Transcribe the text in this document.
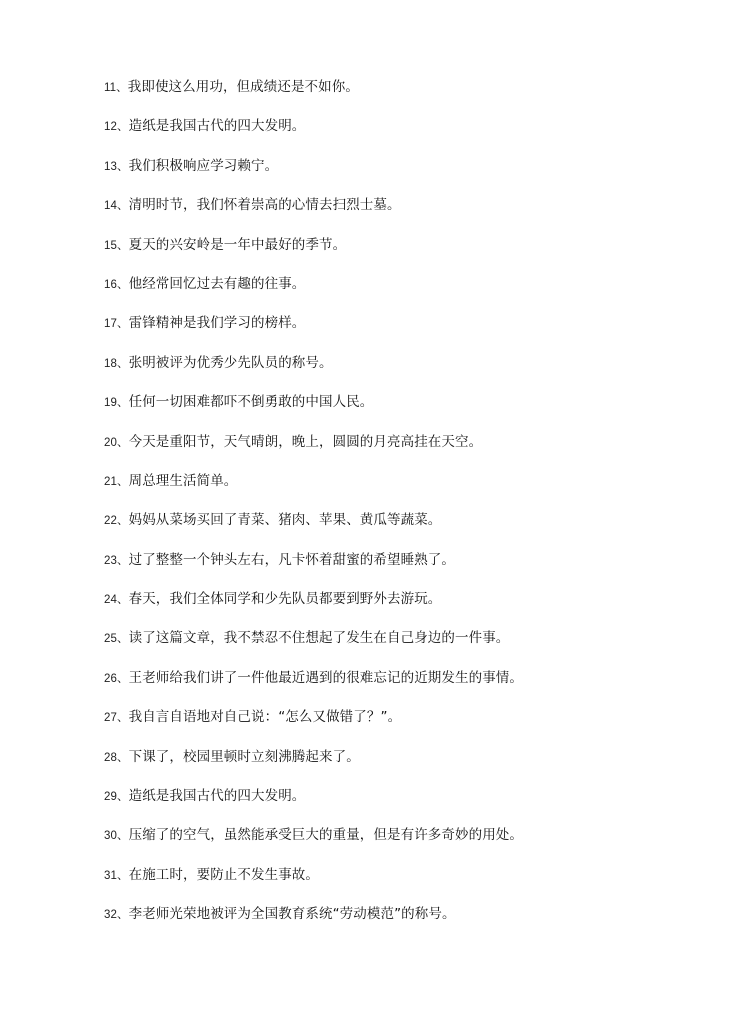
11、我即使这么用功，但成绩还是不如你。
12、造纸是我国古代的四大发明。
13、我们积极响应学习赖宁。
14、清明时节，我们怀着崇高的心情去扫烈士墓。
15、夏天的兴安岭是一年中最好的季节。
16、他经常回忆过去有趣的往事。
17、雷锋精神是我们学习的榜样。
18、张明被评为优秀少先队员的称号。
19、任何一切困难都吓不倒勇敢的中国人民。
20、今天是重阳节，天气晴朗，晚上，圆圆的月亮高挂在天空。
21、周总理生活简单。
22、妈妈从菜场买回了青菜、猪肉、苹果、黄瓜等蔬菜。
23、过了整整一个钟头左右，凡卡怀着甜蜜的希望睡熟了。
24、春天，我们全体同学和少先队员都要到野外去游玩。
25、读了这篇文章，我不禁忍不住想起了发生在自己身边的一件事。
26、王老师给我们讲了一件他最近遇到的很难忘记的近期发生的事情。
27、我自言自语地对自己说：“怎么又做错了？”。
28、下课了，校园里顿时立刻沸腾起来了。
29、造纸是我国古代的四大发明。
30、压缩了的空气，虽然能承受巨大的重量，但是有许多奇妙的用处。
31、在施工时，要防止不发生事故。
32、李老师光荣地被评为全国教育系统“劳动模范”的称号。
